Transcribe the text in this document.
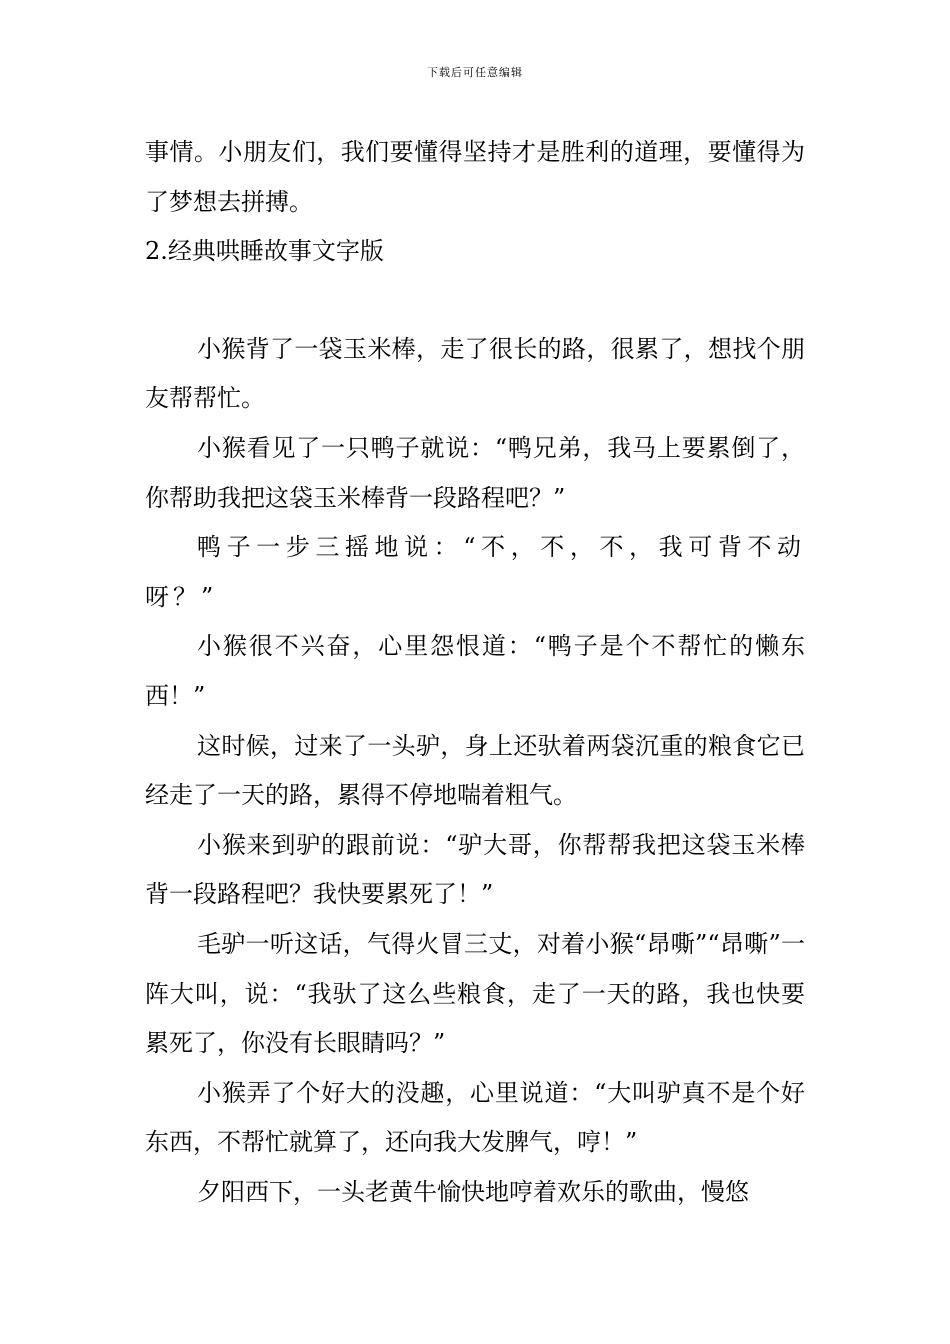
下载后可任意编辑

事情。小朋友们，我们要懂得坚持才是胜利的道理，要懂得为了梦想去拼搏。

2.经典哄睡故事文字版

小猴背了一袋玉米棒，走了很长的路，很累了，想找个朋友帮帮忙。

小猴看见了一只鸭子就说：“鸭兄弟，我马上要累倒了，你帮助我把这袋玉米棒背一段路程吧？”

鸭子一步三摇地说：“不，不，不，我可背不动呀？”

小猴很不兴奋，心里怨恨道：“鸭子是个不帮忙的懒东西！”

这时候，过来了一头驴，身上还驮着两袋沉重的粮食它已经走了一天的路，累得不停地喘着粗气。

小猴来到驴的跟前说：“驴大哥，你帮帮我把这袋玉米棒背一段路程吧？我快要累死了！”

毛驴一听这话，气得火冒三丈，对着小猴“昂嘶”“昂嘶”一阵大叫，说：“我驮了这么些粮食，走了一天的路，我也快要累死了，你没有长眼睛吗？”

小猴弄了个好大的没趣，心里说道：“大叫驴真不是个好东西，不帮忙就算了，还向我大发脾气，哼！”

夕阳西下，一头老黄牛愉快地哼着欢乐的歌曲，慢悠
